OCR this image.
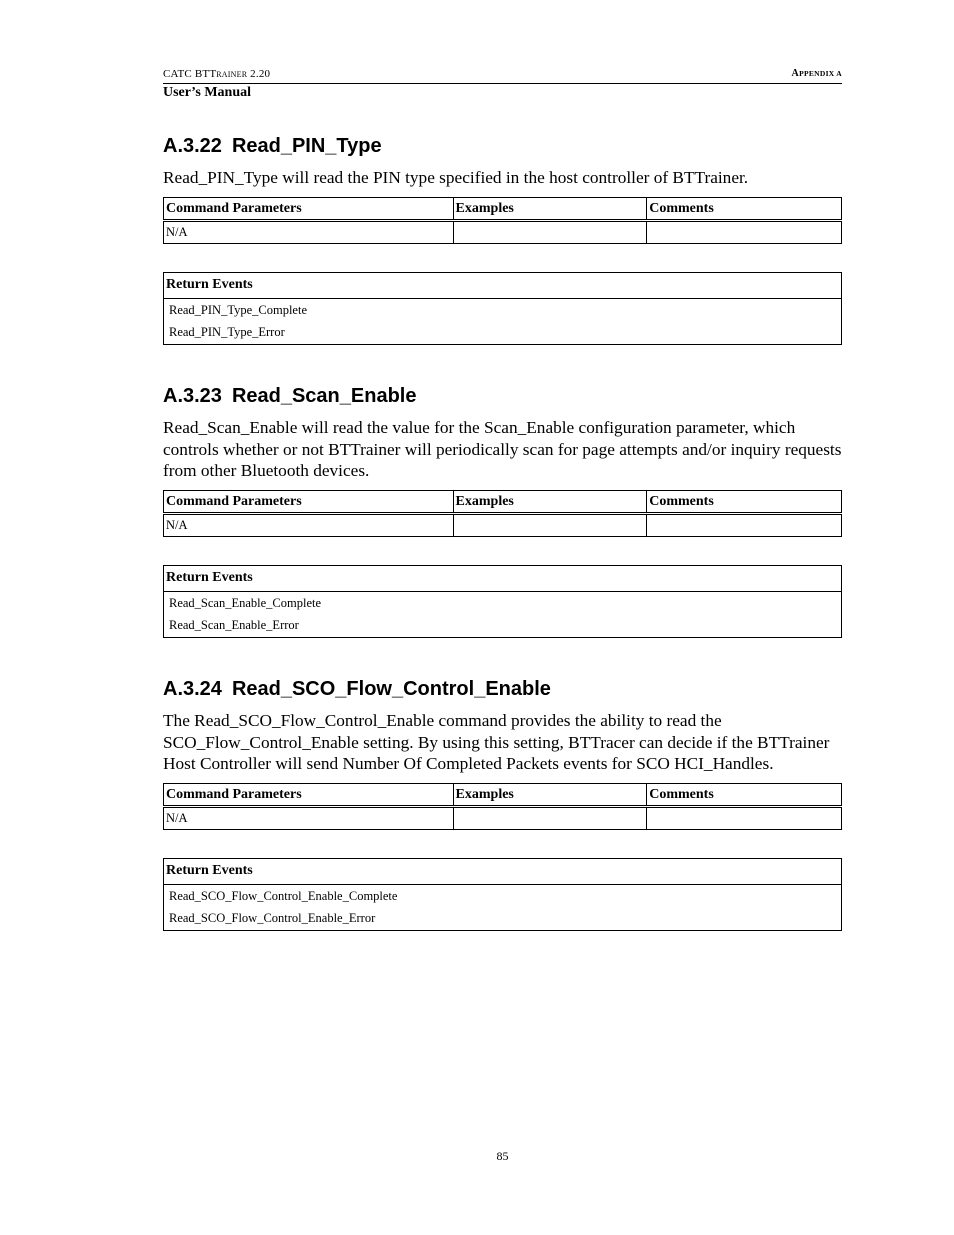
CATC BTTRAINER 2.20	APPENDIX A
User’s Manual
A.3.22 Read_PIN_Type

Read_PIN_Type will read the PIN type specified in the host controller of BTTrainer.

Command Parameters	Examples	Comments
N/A		
Return Events
Read_PIN_Type_Complete
Read_PIN_Type_Error
A.3.23 Read_Scan_Enable

Read_Scan_Enable will read the value for the Scan_Enable configuration parameter, which controls whether or not BTTrainer will periodically scan for page attempts and/or inquiry requests from other Bluetooth devices.

Command Parameters	Examples	Comments
N/A		
Return Events
Read_Scan_Enable_Complete
Read_Scan_Enable_Error
A.3.24 Read_SCO_Flow_Control_Enable

The Read_SCO_Flow_Control_Enable command provides the ability to read the SCO_Flow_Control_Enable setting. By using this setting, BTTracer can decide if the BTTrainer Host Controller will send Number Of Completed Packets events for SCO HCI_Handles.

Command Parameters	Examples	Comments
N/A		
Return Events
Read_SCO_Flow_Control_Enable_Complete
Read_SCO_Flow_Control_Enable_Error
85
